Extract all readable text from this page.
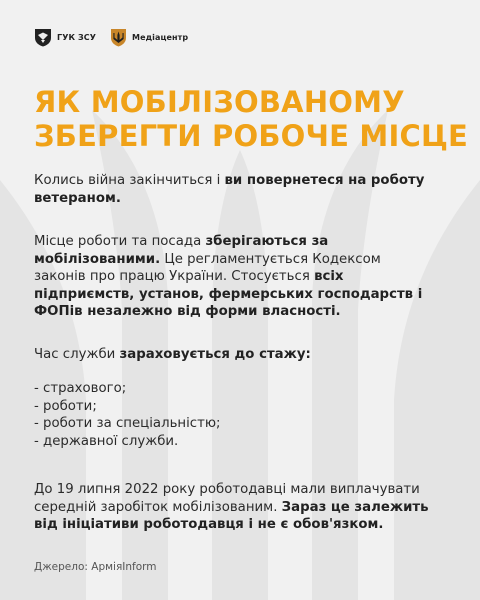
ГУК ЗСУ	Медіацентр
ЯК МОБІЛІЗОВАНОМУ
ЗБЕРЕГТИ РОБОЧЕ МІСЦЕ

Колись війна закінчиться і ви повернетеся на роботу
ветераном.

Місце роботи та посада зберігаються за
мобілізованими. Це регламентується Кодексом
законів про працю України. Стосується всіх
підприємств, установ, фермерських господарств і
ФОПів незалежно від форми власності.

Час служби зараховується до стажу:

- страхового;
- роботи;
- роботи за спеціальністю;
- державної служби.

До 19 липня 2022 року роботодавці мали виплачувати
середній заробіток мобілізованим. Зараз це залежить
від ініціативи роботодавця і не є обов'язком.

Джерело: АрміяInform
